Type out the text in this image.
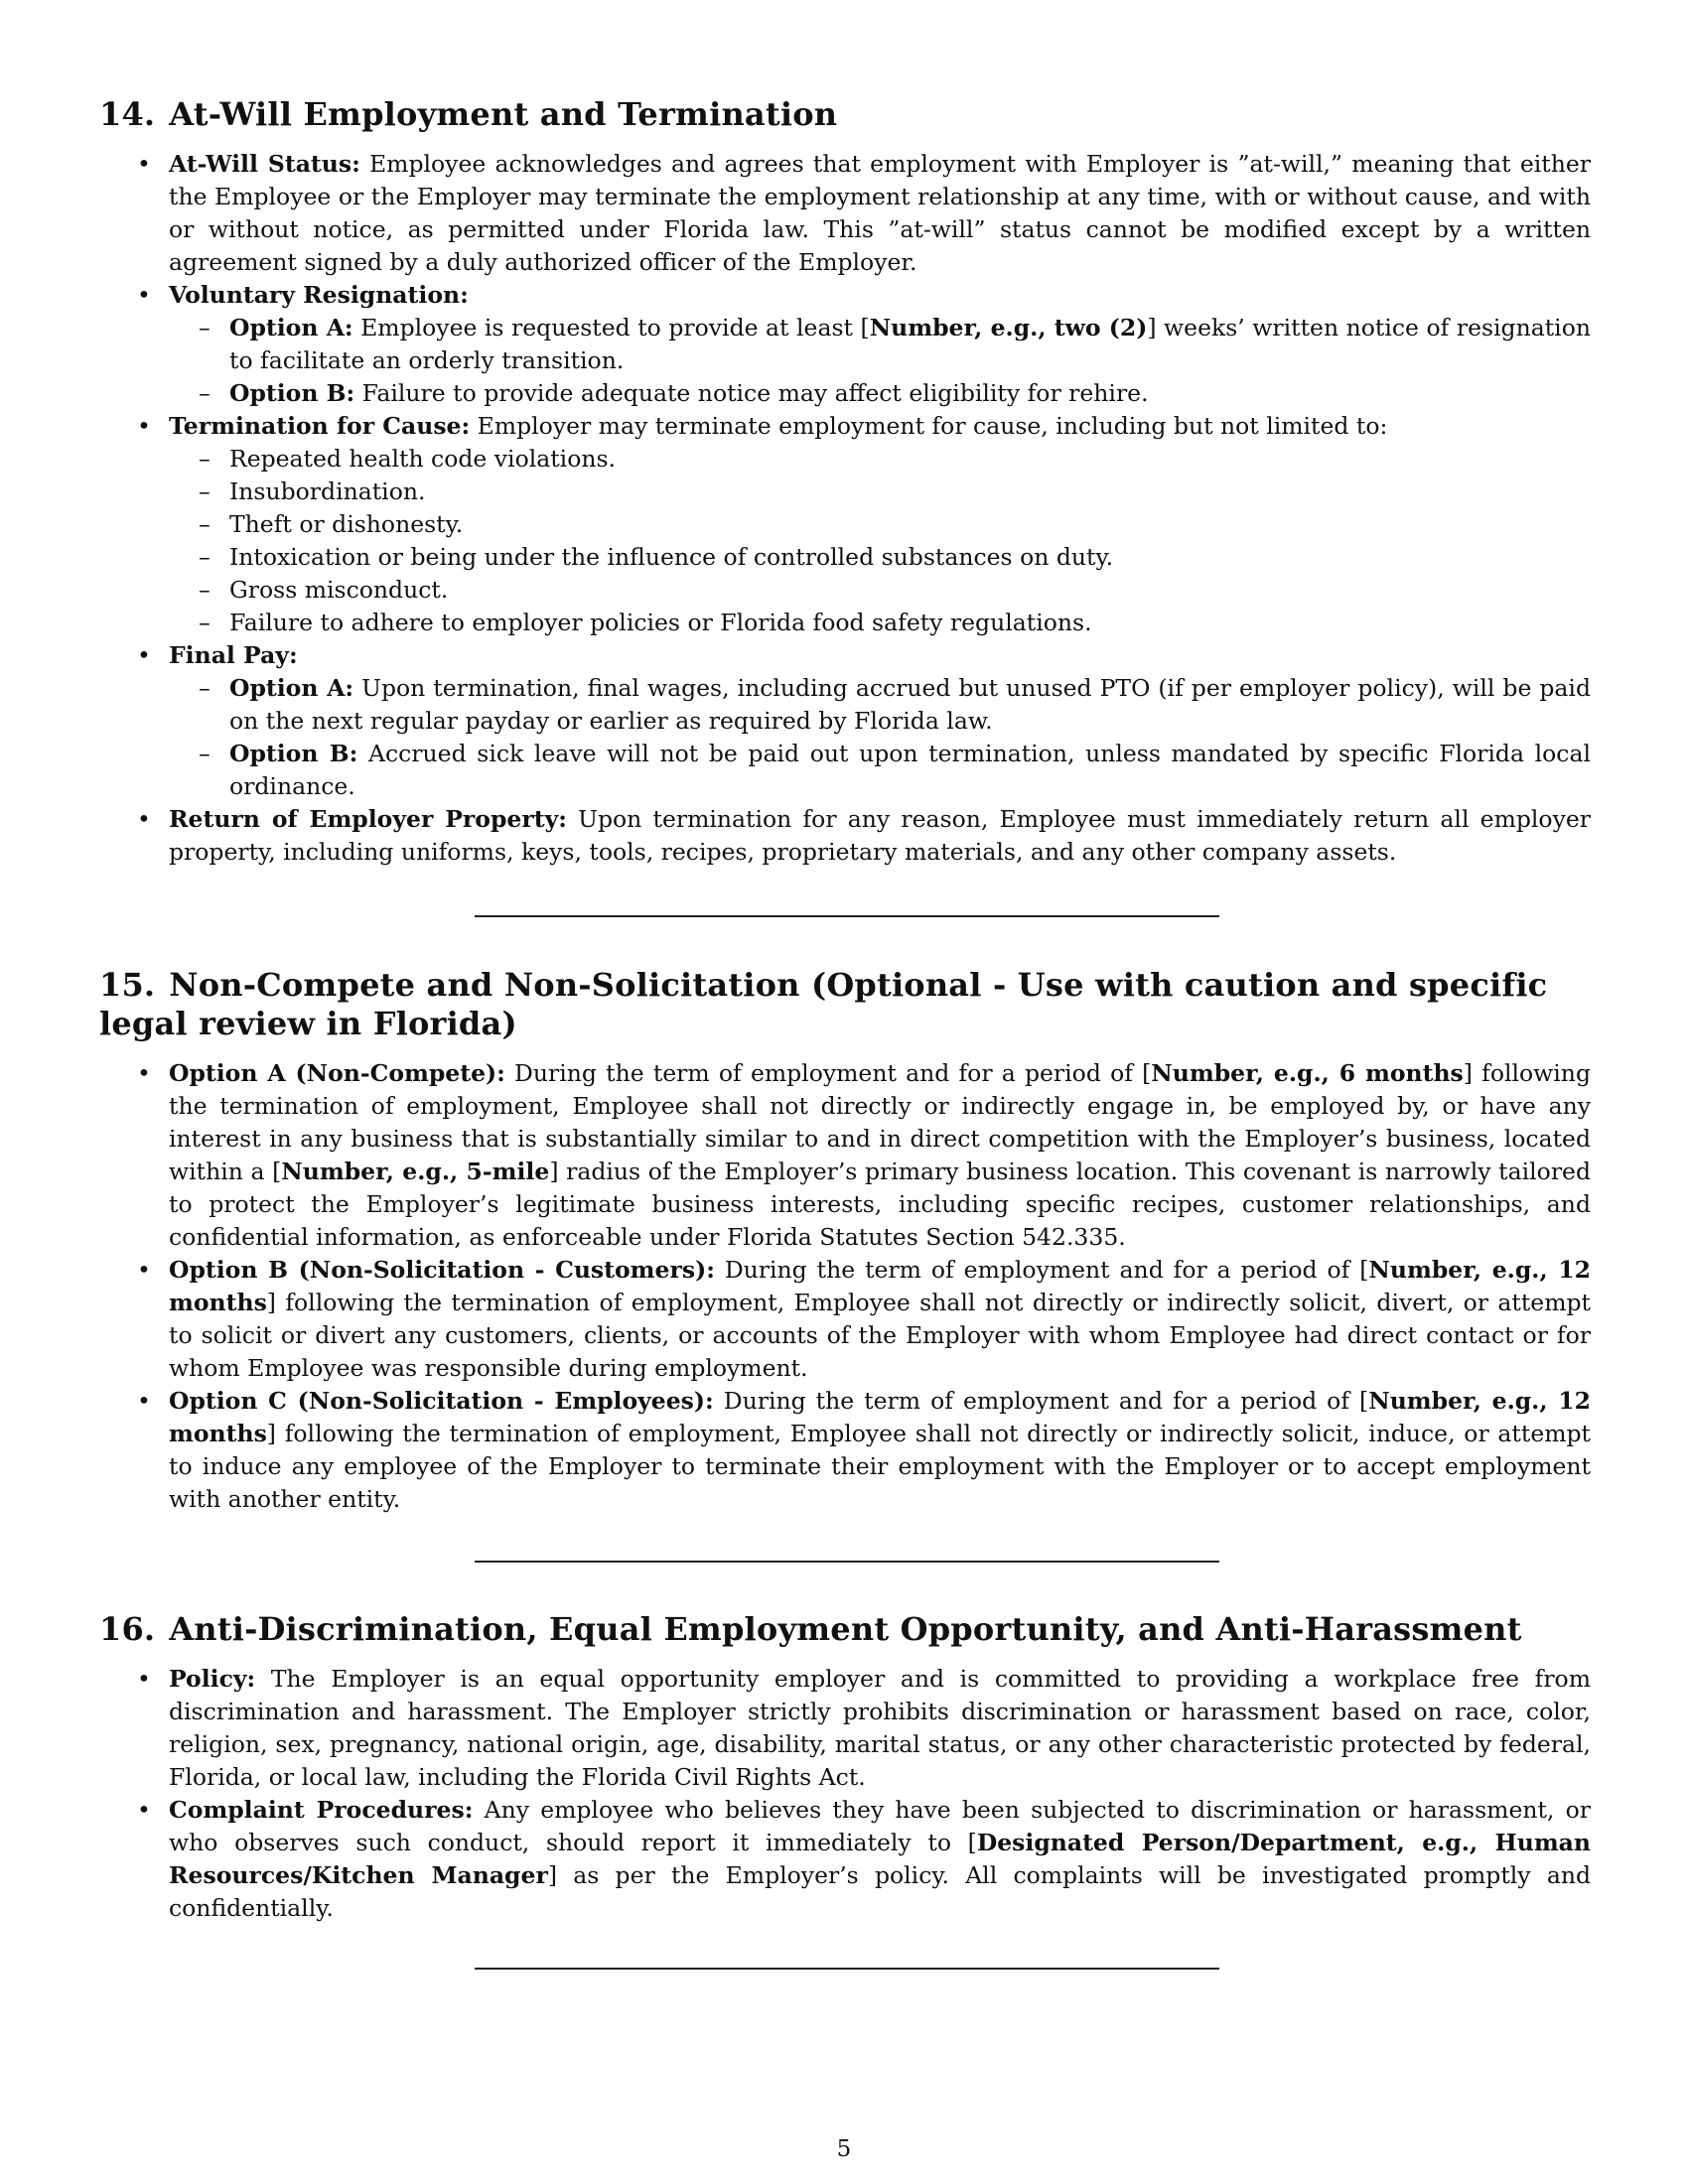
14. At-Will Employment and Termination
• At-Will Status: Employee acknowledges and agrees that employment with Employer is ”at-will,” meaning that either the Employee or the Employer may terminate the employment relationship at any time, with or without cause, and with or without notice, as permitted under Florida law. This ”at-will” status cannot be modified except by a written agreement signed by a duly authorized officer of the Employer.
• Voluntary Resignation:
– Option A: Employee is requested to provide at least [Number, e.g., two (2)] weeks’ written notice of resignation to facilitate an orderly transition.
– Option B: Failure to provide adequate notice may affect eligibility for rehire.
• Termination for Cause: Employer may terminate employment for cause, including but not limited to:
– Repeated health code violations.
– Insubordination.
– Theft or dishonesty.
– Intoxication or being under the influence of controlled substances on duty.
– Gross misconduct.
– Failure to adhere to employer policies or Florida food safety regulations.
• Final Pay:
– Option A: Upon termination, final wages, including accrued but unused PTO (if per employer policy), will be paid on the next regular payday or earlier as required by Florida law.
– Option B: Accrued sick leave will not be paid out upon termination, unless mandated by specific Florida local ordinance.
• Return of Employer Property: Upon termination for any reason, Employee must immediately return all employer property, including uniforms, keys, tools, recipes, proprietary materials, and any other company assets.
15. Non-Compete and Non-Solicitation (Optional - Use with caution and specific legal review in Florida)
• Option A (Non-Compete): During the term of employment and for a period of [Number, e.g., 6 months] following the termination of employment, Employee shall not directly or indirectly engage in, be employed by, or have any interest in any business that is substantially similar to and in direct competition with the Employer’s business, located within a [Number, e.g., 5-mile] radius of the Employer’s primary business location. This covenant is narrowly tailored to protect the Employer’s legitimate business interests, including specific recipes, customer relationships, and confidential information, as enforceable under Florida Statutes Section 542.335.
• Option B (Non-Solicitation - Customers): During the term of employment and for a period of [Number, e.g., 12 months] following the termination of employment, Employee shall not directly or indirectly solicit, divert, or attempt to solicit or divert any customers, clients, or accounts of the Employer with whom Employee had direct contact or for whom Employee was responsible during employment.
• Option C (Non-Solicitation - Employees): During the term of employment and for a period of [Number, e.g., 12 months] following the termination of employment, Employee shall not directly or indirectly solicit, induce, or attempt to induce any employee of the Employer to terminate their employment with the Employer or to accept employment with another entity.
16. Anti-Discrimination, Equal Employment Opportunity, and Anti-Harassment
• Policy: The Employer is an equal opportunity employer and is committed to providing a workplace free from discrimination and harassment. The Employer strictly prohibits discrimination or harassment based on race, color, religion, sex, pregnancy, national origin, age, disability, marital status, or any other characteristic protected by federal, Florida, or local law, including the Florida Civil Rights Act.
• Complaint Procedures: Any employee who believes they have been subjected to discrimination or harassment, or who observes such conduct, should report it immediately to [Designated Person/Department, e.g., Human Resources/Kitchen Manager] as per the Employer’s policy. All complaints will be investigated promptly and confidentially.
5
